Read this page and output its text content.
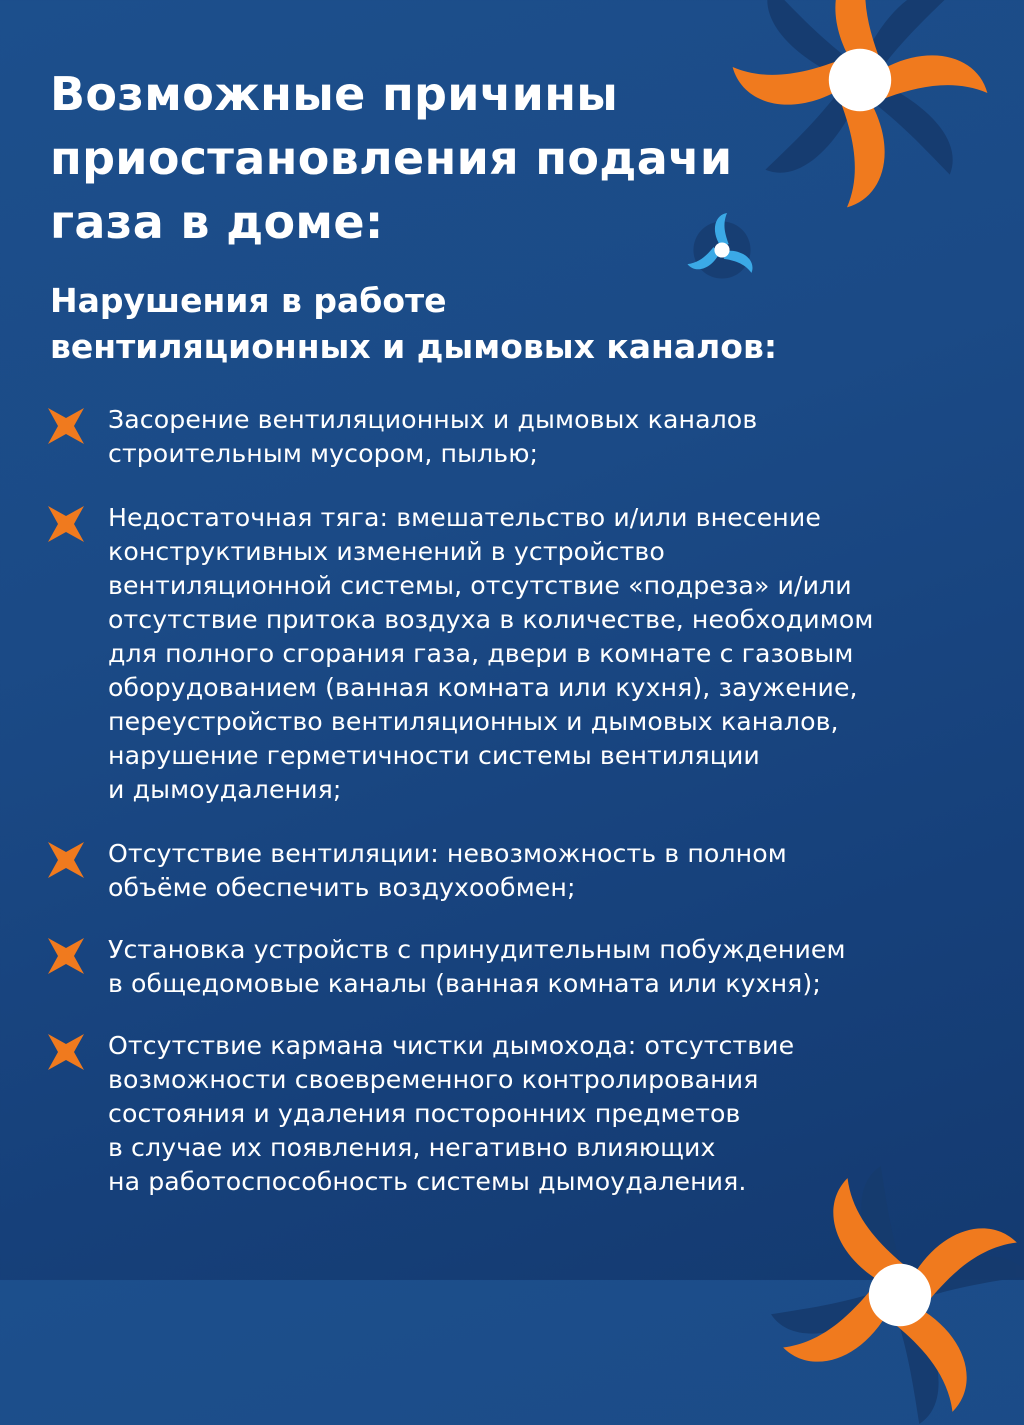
Возможные причины
приостановления подачи
газа в доме:
Нарушения в работе
вентиляционных и дымовых каналов:
Засорение вентиляционных и дымовых каналов
строительным мусором, пылью;
Недостаточная тяга: вмешательство и/или внесение
конструктивных изменений в устройство
вентиляционной системы, отсутствие «подреза» и/или
отсутствие притока воздуха в количестве, необходимом
для полного сгорания газа, двери в комнате с газовым
оборудованием (ванная комната или кухня), заужение,
переустройство вентиляционных и дымовых каналов,
нарушение герметичности системы вентиляции
и дымоудаления;
Отсутствие вентиляции: невозможность в полном
объёме обеспечить воздухообмен;
Установка устройств с принудительным побуждением
в общедомовые каналы (ванная комната или кухня);
Отсутствие кармана чистки дымохода: отсутствие
возможности своевременного контролирования
состояния и удаления посторонних предметов
в случае их появления, негативно влияющих
на работоспособность системы дымоудаления.
